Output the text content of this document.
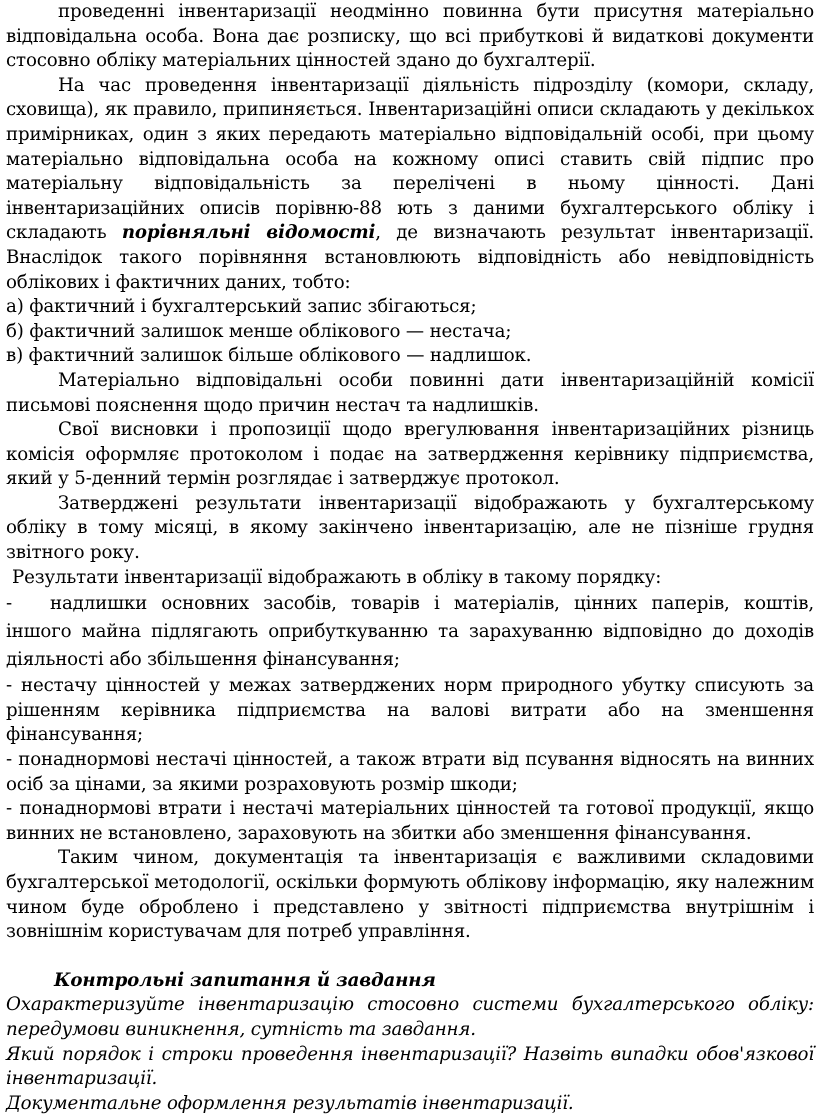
проведенні інвентаризації неодмінно повинна бути присутня матеріально відповідальна особа. Вона дає розписку, що всі прибуткові й видаткові документи стосовно обліку матеріальних цінностей здано до бухгалтерії.

На час проведення інвентаризації діяльність підрозділу (комори, складу, сховища), як правило, припиняється. Інвентаризаційні описи складають у декількох примірниках, один з яких передають матеріально відповідальній особі, при цьому матеріально відповідальна особа на кожному описі ставить свій підпис про матеріальну відповідальність за перелічені в ньому цінності. Дані інвентаризаційних описів порівню-88 ють з даними бухгалтерського обліку і складають порівняльні відомості, де визначають результат інвентаризації. Внаслідок такого порівняння встановлюють відповідність або невідповідність облікових і фактичних даних, тобто:

а) фактичний і бухгалтерський запис збігаються;

б) фактичний залишок менше облікового — нестача;

в) фактичний залишок більше облікового — надлишок.

Матеріально відповідальні особи повинні дати інвентаризаційній комісії письмові пояснення щодо причин нестач та надлишків.

Свої висновки і пропозиції щодо врегулювання інвентаризаційних різниць комісія оформляє протоколом і подає на затвердження керівнику підприємства, який у 5-денний термін розглядає і затверджує протокол.

Затверджені результати інвентаризації відображають у бухгалтерському обліку в тому місяці, в якому закінчено інвентаризацію, але не пізніше грудня звітного року.

Результати інвентаризації відображають в обліку в такому порядку:

- надлишки основних засобів, товарів і матеріалів, цінних паперів, коштів, іншого майна підлягають оприбуткуванню та зарахуванню відповідно до доходів діяльності або збільшення фінансування;

- нестачу цінностей у межах затверджених норм природного убутку списують за рішенням керівника підприємства на валові витрати або на зменшення фінансування;

- понаднормові нестачі цінностей, а також втрати від псування відносять на винних осіб за цінами, за якими розраховують розмір шкоди;

- понаднормові втрати і нестачі матеріальних цінностей та готової продукції, якщо винних не встановлено, зараховують на збитки або зменшення фінансування.

Таким чином, документація та інвентаризація є важливими складовими бухгалтерської методології, оскільки формують облікову інформацію, яку належним чином буде оброблено і представлено у звітності підприємства внутрішнім і зовнішнім користувачам для потреб управління.

Контрольні запитання й завдання

Охарактеризуйте інвентаризацію стосовно системи бухгалтерського обліку: передумови виникнення, сутність та завдання.

Який порядок і строки проведення інвентаризації? Назвіть випадки обов'язкової інвентаризації.

Документальне оформлення результатів інвентаризації.
